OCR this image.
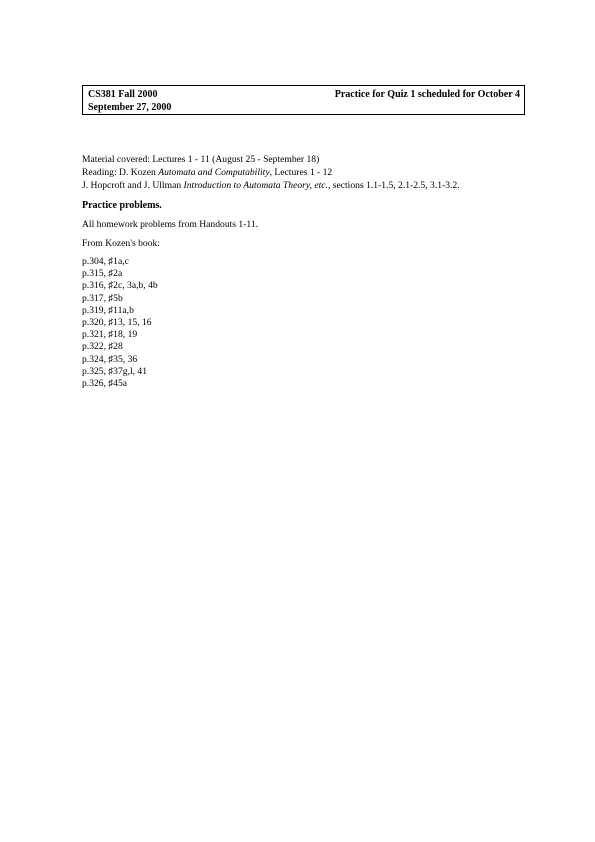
CS381 Fall 2000	Practice for Quiz 1 scheduled for October 4
September 27, 2000
Material covered: Lectures 1 - 11 (August 25 - September 18)
Reading: D. Kozen Automata and Computability, Lectures 1 - 12
J. Hopcroft and J. Ullman Introduction to Automata Theory, etc., sections 1.1-1.5, 2.1-2.5, 3.1-3.2.
Practice problems.
All homework problems from Handouts 1-11.
From Kozen's book:
p.304, ♯1a,c
p.315, ♯2a
p.316, ♯2c, 3a,b, 4b
p.317, ♯5b
p.319, ♯11a,b
p.320, ♯13, 15, 16
p.321, ♯18, 19
p.322, ♯28
p.324, ♯35, 36
p.325, ♯37g,l, 41
p.326, ♯45a
